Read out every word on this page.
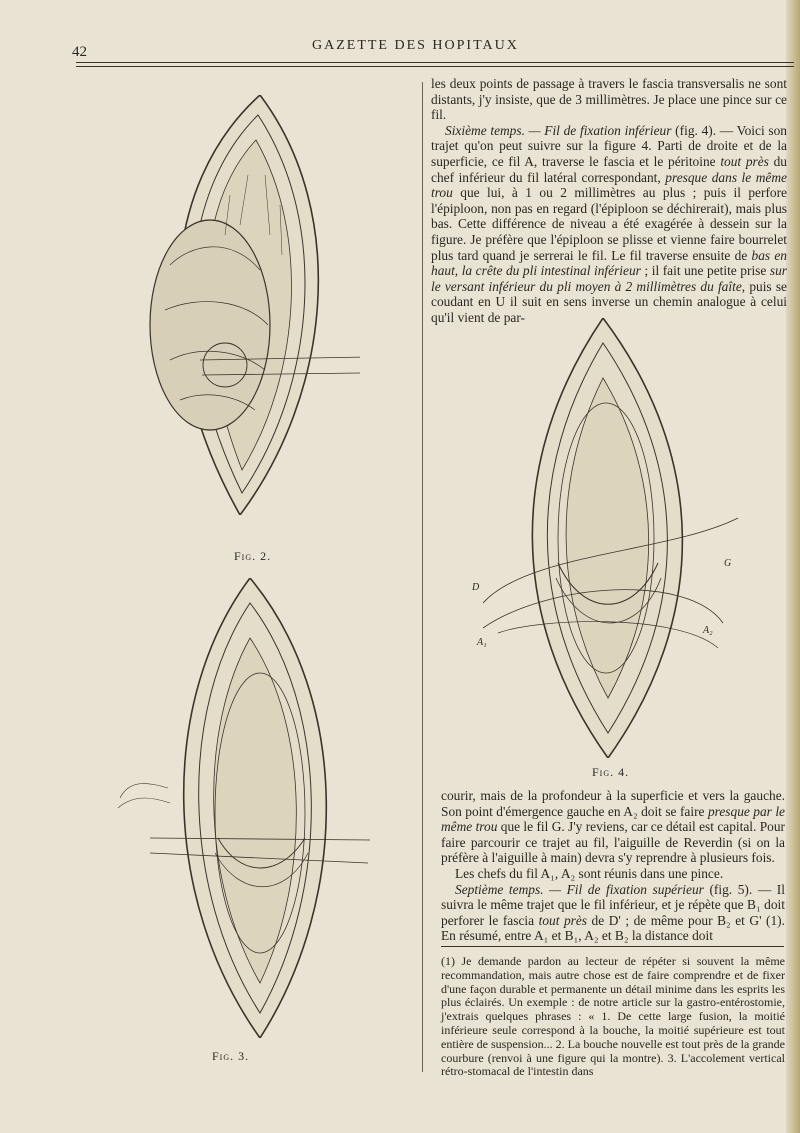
42	GAZETTE DES HOPITAUX
Fig. 2.
Fig. 3.
D
G
A₁
A₂
Fig. 4.

les deux points de passage à travers le fascia transversalis ne sont distants, j'y insiste, que de 3 millimètres. Je place une pince sur ce fil.

Sixième temps. — Fil de fixation inférieur (fig. 4). — Voici son trajet qu'on peut suivre sur la figure 4. Parti de droite et de la superficie, ce fil A, traverse le fascia et le péritoine tout près du chef inférieur du fil latéral correspondant, presque dans le même trou que lui, à 1 ou 2 millimètres au plus ; puis il perfore l'épiploon, non pas en regard (l'épiploon se déchirerait), mais plus bas. Cette différence de niveau a été exagérée à dessein sur la figure. Je préfère que l'épiploon se plisse et vienne faire bourrelet plus tard quand je serrerai le fil. Le fil traverse ensuite de bas en haut, la crête du pli intestinal inférieur ; il fait une petite prise sur le versant inférieur du pli moyen à 2 millimètres du faîte, puis se coudant en U il suit en sens inverse un chemin analogue à celui qu'il vient de par-

courir, mais de la profondeur à la superficie et vers la gauche. Son point d'émergence gauche en A₂ doit se faire presque par le même trou que le fil G. J'y reviens, car ce détail est capital. Pour faire parcourir ce trajet au fil, l'aiguille de Reverdin (si on la préfère à l'aiguille à main) devra s'y reprendre à plusieurs fois.

Les chefs du fil A₁, A₂ sont réunis dans une pince.

Septième temps. — Fil de fixation supérieur (fig. 5). — Il suivra le même trajet que le fil inférieur, et je répète que B₁ doit perforer le fascia tout près de D' ; de même pour B₂ et G' (1). En résumé, entre A₁ et B₁, A₂ et B₂ la distance doit

(1) Je demande pardon au lecteur de répéter si souvent la même recommandation, mais autre chose est de faire comprendre et de fixer d'une façon durable et permanente un détail minime dans les esprits les plus éclairés. Un exemple : de notre article sur la gastro-entérostomie, j'extrais quelques phrases : « 1. De cette large fusion, la moitié inférieure seule correspond à la bouche, la moitié supérieure est tout entière de suspension... 2. La bouche nouvelle est tout près de la grande courbure (renvoi à une figure qui la montre). 3. L'accolement vertical rétro-stomacal de l'intestin dans
